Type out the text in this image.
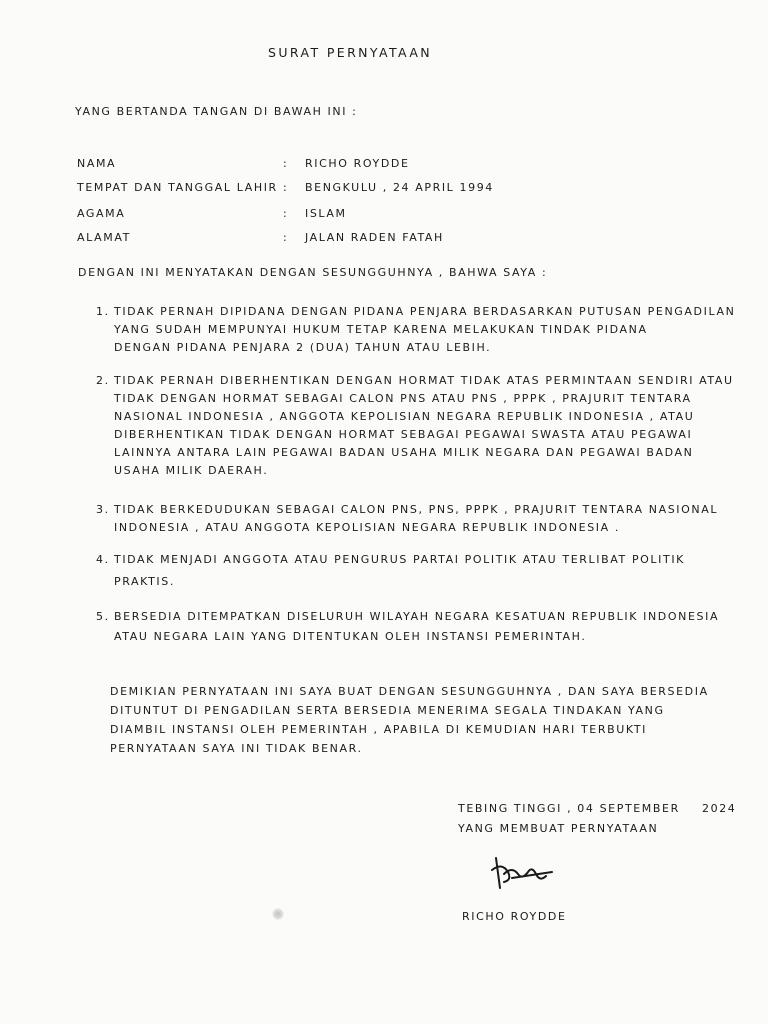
SURAT PERNYATAAN
YANG BERTANDA TANGAN DI BAWAH INI :
NAMA	: RICHO ROYDDE
TEMPAT DAN TANGGAL LAHIR : BENGKULU , 24 APRIL 1994
AGAMA	: ISLAM
ALAMAT	: JALAN RADEN FATAH
DENGAN INI MENYATAKAN DENGAN SESUNGGUHNYA , BAHWA SAYA :
1. TIDAK PERNAH DIPIDANA DENGAN PIDANA PENJARA BERDASARKAN PUTUSAN PENGADILAN
YANG SUDAH MEMPUNYAI HUKUM TETAP KARENA MELAKUKAN TINDAK PIDANA
DENGAN PIDANA PENJARA 2 (DUA) TAHUN ATAU LEBIH.
2. TIDAK PERNAH DIBERHENTIKAN DENGAN HORMAT TIDAK ATAS PERMINTAAN SENDIRI ATAU
TIDAK DENGAN HORMAT SEBAGAI CALON PNS ATAU PNS , PPPK , PRAJURIT TENTARA
NASIONAL INDONESIA , ANGGOTA KEPOLISIAN NEGARA REPUBLIK INDONESIA , ATAU
DIBERHENTIKAN TIDAK DENGAN HORMAT SEBAGAI PEGAWAI SWASTA ATAU PEGAWAI
LAINNYA ANTARA LAIN PEGAWAI BADAN USAHA MILIK NEGARA DAN PEGAWAI BADAN
USAHA MILIK DAERAH.
3. TIDAK BERKEDUDUKAN SEBAGAI CALON PNS, PNS, PPPK , PRAJURIT TENTARA NASIONAL
INDONESIA , ATAU ANGGOTA KEPOLISIAN NEGARA REPUBLIK INDONESIA .
4. TIDAK MENJADI ANGGOTA ATAU PENGURUS PARTAI POLITIK ATAU TERLIBAT POLITIK
PRAKTIS.
5. BERSEDIA DITEMPATKAN DISELURUH WILAYAH NEGARA KESATUAN REPUBLIK INDONESIA
ATAU NEGARA LAIN YANG DITENTUKAN OLEH INSTANSI PEMERINTAH.
DEMIKIAN PERNYATAAN INI SAYA BUAT DENGAN SESUNGGUHNYA , DAN SAYA BERSEDIA
DITUNTUT DI PENGADILAN SERTA BERSEDIA MENERIMA SEGALA TINDAKAN YANG
DIAMBIL INSTANSI OLEH PEMERINTAH , APABILA DI KEMUDIAN HARI TERBUKTI
PERNYATAAN SAYA INI TIDAK BENAR.
TEBING TINGGI , 04 SEPTEMBER 2024
YANG MEMBUAT PERNYATAAN
RICHO ROYDDE
